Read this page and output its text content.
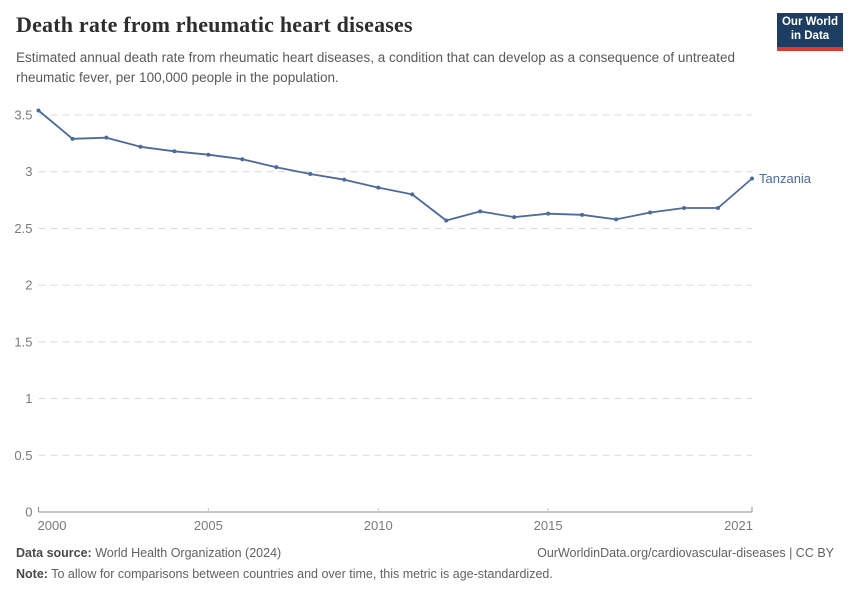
Death rate from rheumatic heart diseases

Estimated annual death rate from rheumatic heart diseases, a condition that can develop as a consequence of untreated rheumatic fever, per 100,000 people in the population.

Our World
in Data
0
0.5
1
1.5
2
2.5
3
3.5
2000	2005	2010	2015	2021
Tanzania
Data source: World Health Organization (2024)	OurWorldinData.org/cardiovascular-diseases | CC BY
Note: To allow for comparisons between countries and over time, this metric is age-standardized.
